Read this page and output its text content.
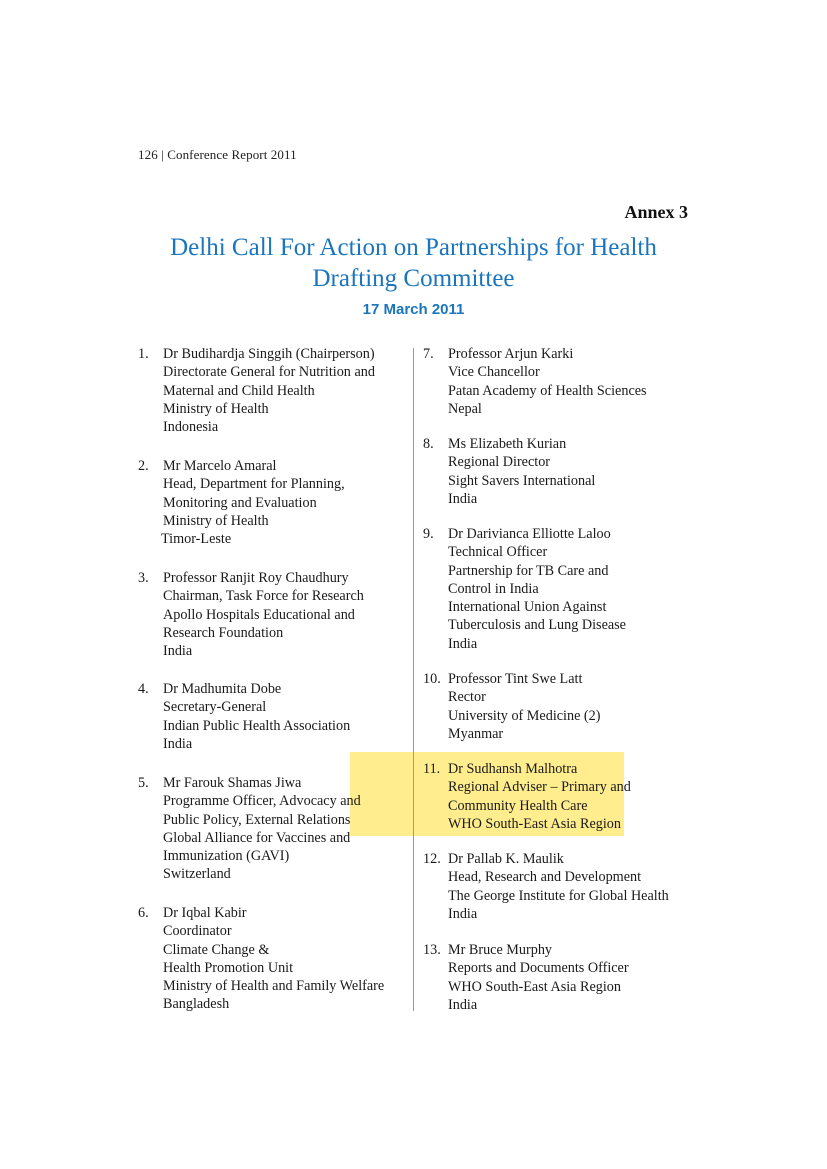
126 | Conference Report 2011
Annex 3
Delhi Call For Action on Partnerships for Health
Drafting Committee
17 March 2011
1. Dr Budihardja Singgih (Chairperson)
Directorate General for Nutrition and
Maternal and Child Health
Ministry of Health
Indonesia
2. Mr Marcelo Amaral
Head, Department for Planning,
Monitoring and Evaluation
Ministry of Health
Timor-Leste
3. Professor Ranjit Roy Chaudhury
Chairman, Task Force for Research
Apollo Hospitals Educational and
Research Foundation
India
4. Dr Madhumita Dobe
Secretary-General
Indian Public Health Association
India
5. Mr Farouk Shamas Jiwa
Programme Officer, Advocacy and
Public Policy, External Relations
Global Alliance for Vaccines and
Immunization (GAVI)
Switzerland
6. Dr Iqbal Kabir
Coordinator
Climate Change &
Health Promotion Unit
Ministry of Health and Family Welfare
Bangladesh
7. Professor Arjun Karki
Vice Chancellor
Patan Academy of Health Sciences
Nepal
8. Ms Elizabeth Kurian
Regional Director
Sight Savers International
India
9. Dr Darivianca Elliotte Laloo
Technical Officer
Partnership for TB Care and
Control in India
International Union Against
Tuberculosis and Lung Disease
India
10. Professor Tint Swe Latt
Rector
University of Medicine (2)
Myanmar
11. Dr Sudhansh Malhotra
Regional Adviser – Primary and
Community Health Care
WHO South-East Asia Region
12. Dr Pallab K. Maulik
Head, Research and Development
The George Institute for Global Health
India
13. Mr Bruce Murphy
Reports and Documents Officer
WHO South-East Asia Region
India
